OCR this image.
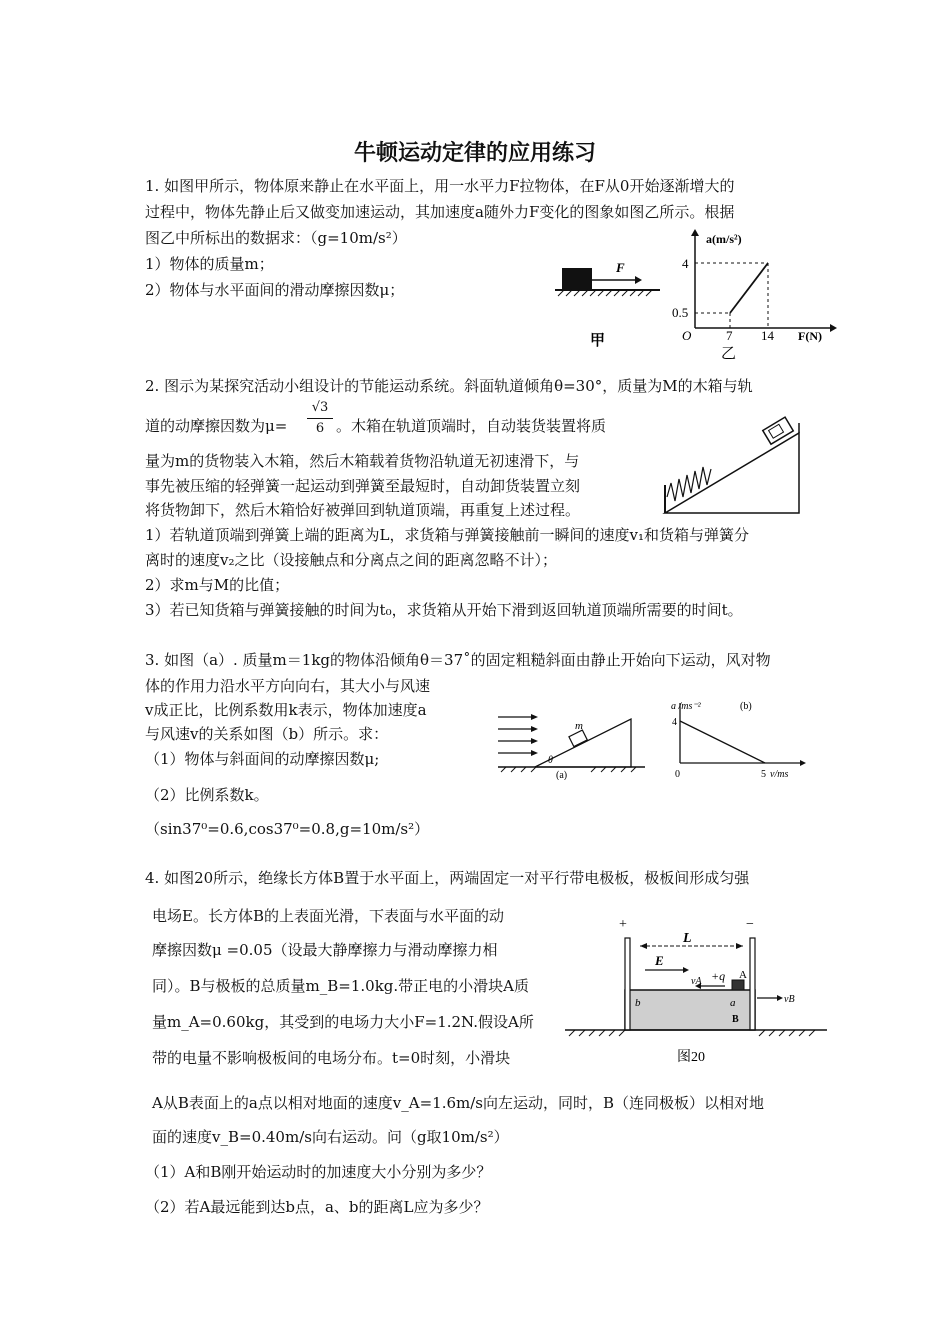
牛顿运动定律的应用练习
1. 如图甲所示，物体原来静止在水平面上，用一水平力F拉物体，在F从0开始逐渐增大的
过程中，物体先静止后又做变加速运动，其加速度a随外力F变化的图象如图乙所示。根据
图乙中所标出的数据求：（g=10m/s²）
1）物体的质量m；
2）物体与水平面间的滑动摩擦因数μ；
F
甲
a(m/s²)
F(N)
O	7 14
0.5
4
乙
2. 图示为某探究活动小组设计的节能运动系统。斜面轨道倾角θ=30°，质量为M的木箱与轨
道的动摩擦因数为μ=
√3
6 。木箱在轨道顶端时，自动装货装置将质
量为m的货物装入木箱，然后木箱载着货物沿轨道无初速滑下，与
事先被压缩的轻弹簧一起运动到弹簧至最短时，自动卸货装置立刻
将货物卸下，然后木箱恰好被弹回到轨道顶端，再重复上述过程。
1）若轨道顶端到弹簧上端的距离为L，求货箱与弹簧接触前一瞬间的速度v₁和货箱与弹簧分
离时的速度v₂之比（设接触点和分离点之间的距离忽略不计）；
2）求m与M的比值；
3）若已知货箱与弹簧接触的时间为t₀，求货箱从开始下滑到返回轨道顶端所需要的时间t。
3. 如图（a）. 质量m＝1kg的物体沿倾角θ＝37˚的固定粗糙斜面由静止开始向下运动，风对物
体的作用力沿水平方向向右，其大小与风速
v成正比，比例系数用k表示，物体加速度a
与风速v的关系如图（b）所示。求：
（1）物体与斜面间的动摩擦因数μ;
（2）比例系数k。
（sin37⁰=0.6,cos37⁰=0.8,g=10m/s²）
m
θ
(a)
a /ms⁻²
4
0	5 v/ms
(b)
4. 如图20所示，绝缘长方体B置于水平面上，两端固定一对平行带电极板，极板间形成匀强
电场E。长方体B的上表面光滑，下表面与水平面的动
摩擦因数μ =0.05（设最大静摩擦力与滑动摩擦力相
同）。B与极板的总质量m_B=1.0kg.带正电的小滑块A质
量m_A=0.60kg，其受到的电场力大小F=1.2N.假设A所
带的电量不影响极板间的电场分布。t=0时刻，小滑块
A从B表面上的a点以相对地面的速度v_A=1.6m/s向左运动，同时，B（连同极板）以相对地
面的速度v_B=0.40m/s向右运动。问（g取10m/s²）
（1）A和B刚开始运动时的加速度大小分别为多少？
（2）若A最远能到达b点，a、b的距离L应为多少？
+	−
L
E
+q A
vA
vB
b	a
B
图20
